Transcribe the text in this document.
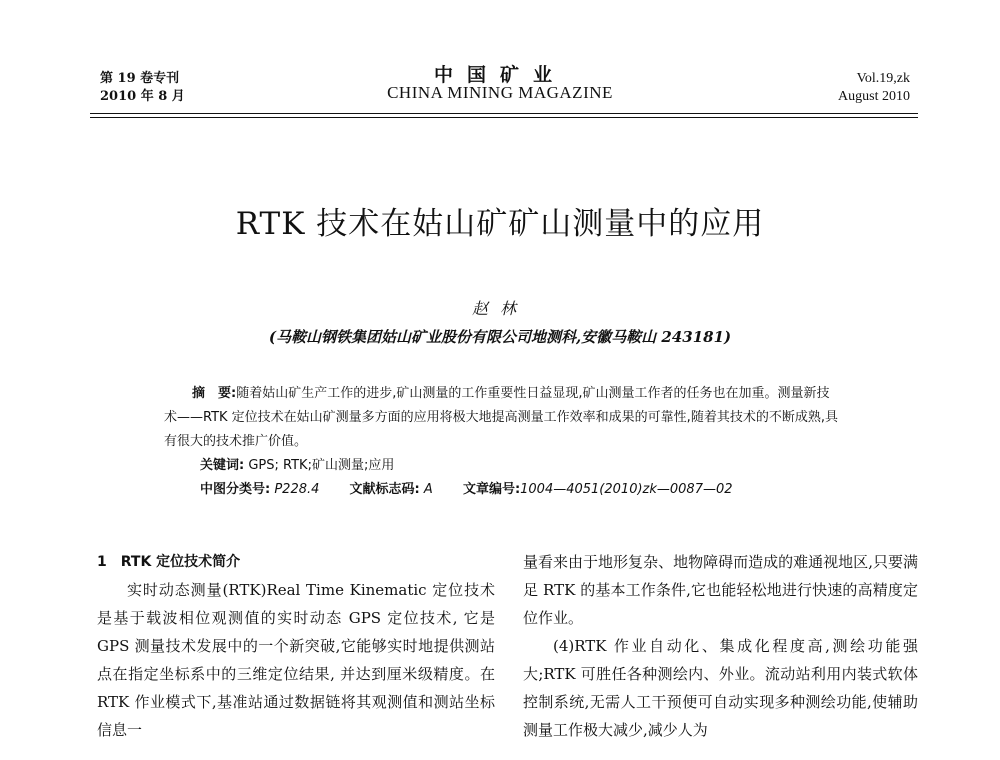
第 19 卷专刊
2010 年 8 月
中国矿业
CHINA MINING MAGAZINE
Vol.19,zk
August 2010
RTK 技术在姑山矿矿山测量中的应用
赵林
(马鞍山钢铁集团姑山矿业股份有限公司地测科,安徽马鞍山 243181)

摘　要:随着姑山矿生产工作的进步,矿山测量的工作重要性日益显现,矿山测量工作者的任务也在加重。测量新技术——RTK 定位技术在姑山矿测量多方面的应用将极大地提高测量工作效率和成果的可靠性,随着其技术的不断成熟,具有很大的技术推广价值。

关键词: GPS; RTK;矿山测量;应用

中图分类号: P228.4 文献标志码: A 文章编号:1004—4051(2010)zk—0087—02

1　RTK 定位技术简介

实时动态测量(RTK)Real Time Kinematic 定位技术是基于载波相位观测值的实时动态 GPS 定位技术, 它是 GPS 测量技术发展中的一个新突破,它能够实时地提供测站点在指定坐标系中的三维定位结果, 并达到厘米级精度。在 RTK 作业模式下,基准站通过数据链将其观测值和测站坐标信息一

量看来由于地形复杂、地物障碍而造成的难通视地区,只要满足 RTK 的基本工作条件,它也能轻松地进行快速的高精度定位作业。

(4)RTK 作业自动化、集成化程度高,测绘功能强大;RTK 可胜任各种测绘内、外业。流动站利用内装式软体控制系统,无需人工干预便可自动实现多种测绘功能,使辅助测量工作极大减少,减少人为
